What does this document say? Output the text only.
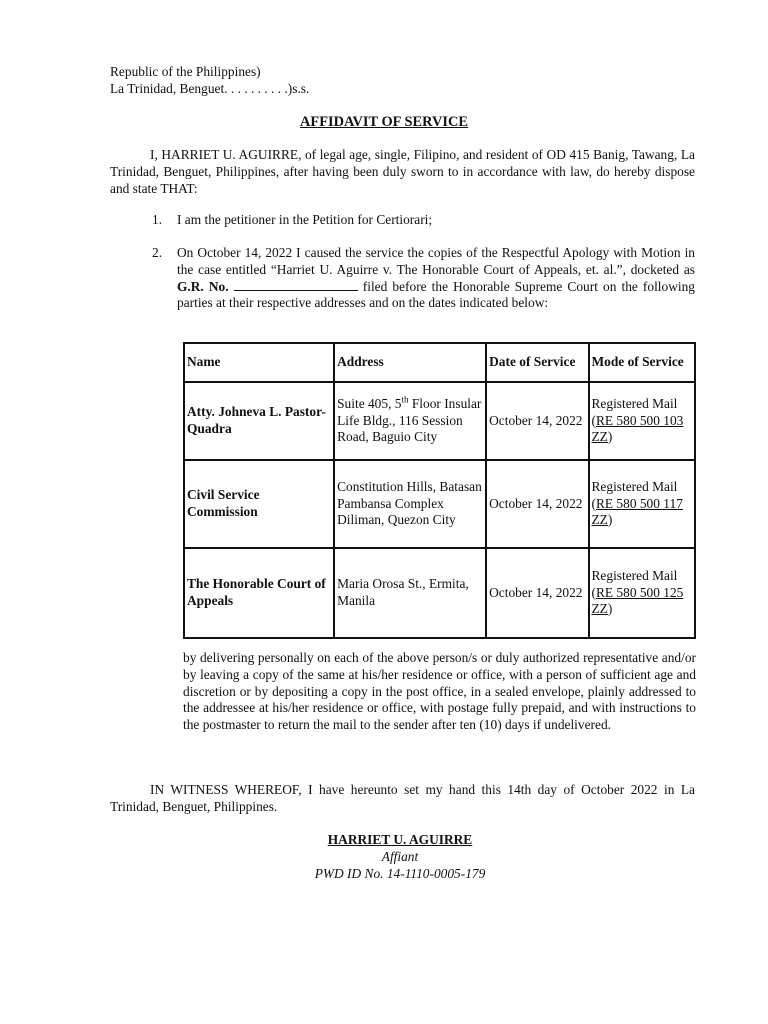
Republic of the Philippines)
La Trinidad, Benguet. . . . . . . . . .)s.s.
AFFIDAVIT OF SERVICE
I, HARRIET U. AGUIRRE, of legal age, single, Filipino, and resident of OD 415 Banig, Tawang, La Trinidad, Benguet, Philippines, after having been duly sworn to in accordance with law, do hereby dispose and state THAT:
1.	I am the petitioner in the Petition for Certiorari;
2.	On October 14, 2022 I caused the service the copies of the Respectful Apology with Motion in the case entitled “Harriet U. Aguirre v. The Honorable Court of Appeals, et. al.”, docketed as G.R. No.	filed before the Honorable Supreme Court on the following parties at their respective addresses and on the dates indicated below:
Name	Address	Date of Service	Mode of Service
Atty. Johneva L. Pastor-Quadra	Suite 405, 5th Floor Insular Life Bldg., 116 Session Road, Baguio City	October 14, 2022	Registered Mail
(RE 580 500 103 ZZ)
Civil Service Commission	Constitution Hills, Batasan Pambansa Complex Diliman, Quezon City	October 14, 2022	Registered Mail
(RE 580 500 117 ZZ)
The Honorable Court of Appeals	Maria Orosa St., Ermita, Manila	October 14, 2022	Registered Mail
(RE 580 500 125 ZZ)
by delivering personally on each of the above person/s or duly authorized representative and/or by leaving a copy of the same at his/her residence or office, with a person of sufficient age and discretion or by depositing a copy in the post office, in a sealed envelope, plainly addressed to the addressee at his/her residence or office, with postage fully prepaid, and with instructions to the postmaster to return the mail to the sender after ten (10) days if undelivered.
IN WITNESS WHEREOF, I have hereunto set my hand this 14th day of October 2022 in La Trinidad, Benguet, Philippines.
HARRIET U. AGUIRRE
Affiant
PWD ID No. 14-1110-0005-179
